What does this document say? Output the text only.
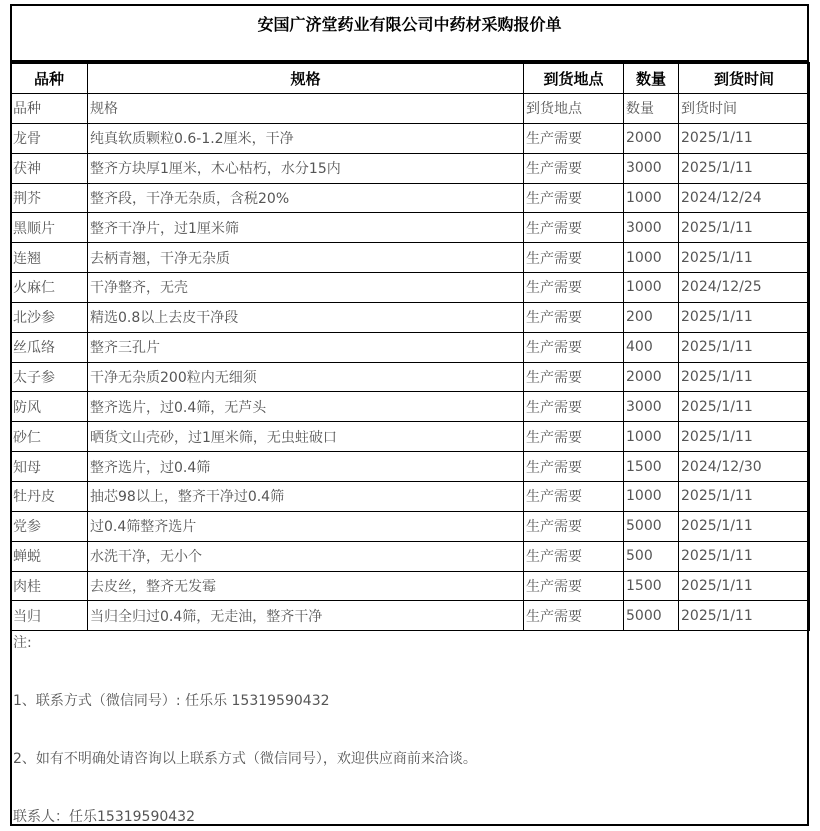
安国广济堂药业有限公司中药材采购报价单
品种	规格	到货地点	数量	到货时间
品种	规格	到货地点	数量	到货时间
龙骨	纯真软质颗粒0.6-1.2厘米，干净	生产需要	2000	2025/1/11
茯神	整齐方块厚1厘米，木心枯朽，水分15内	生产需要	3000	2025/1/11
荆芥	整齐段，干净无杂质，含税20%	生产需要	1000	2024/12/24
黑顺片	整齐干净片，过1厘米筛	生产需要	3000	2025/1/11
连翘	去柄青翘，干净无杂质	生产需要	1000	2025/1/11
火麻仁	干净整齐，无壳	生产需要	1000	2024/12/25
北沙参	精选0.8以上去皮干净段	生产需要	200	2025/1/11
丝瓜络	整齐三孔片	生产需要	400	2025/1/11
太子参	干净无杂质200粒内无细须	生产需要	2000	2025/1/11
防风	整齐选片，过0.4筛，无芦头	生产需要	3000	2025/1/11
砂仁	晒货文山壳砂，过1厘米筛，无虫蛀破口	生产需要	1000	2025/1/11
知母	整齐选片，过0.4筛	生产需要	1500	2024/12/30
牡丹皮	抽芯98以上，整齐干净过0.4筛	生产需要	1000	2025/1/11
党参	过0.4筛整齐选片	生产需要	5000	2025/1/11
蝉蜕	水洗干净，无小个	生产需要	500	2025/1/11
肉桂	去皮丝，整齐无发霉	生产需要	1500	2025/1/11
当归	当归全归过0.4筛，无走油，整齐干净	生产需要	5000	2025/1/11
注:
1、联系方式（微信同号）: 任乐乐 15319590432
2、如有不明确处请咨询以上联系方式（微信同号），欢迎供应商前来洽谈。
联系人：任乐15319590432
